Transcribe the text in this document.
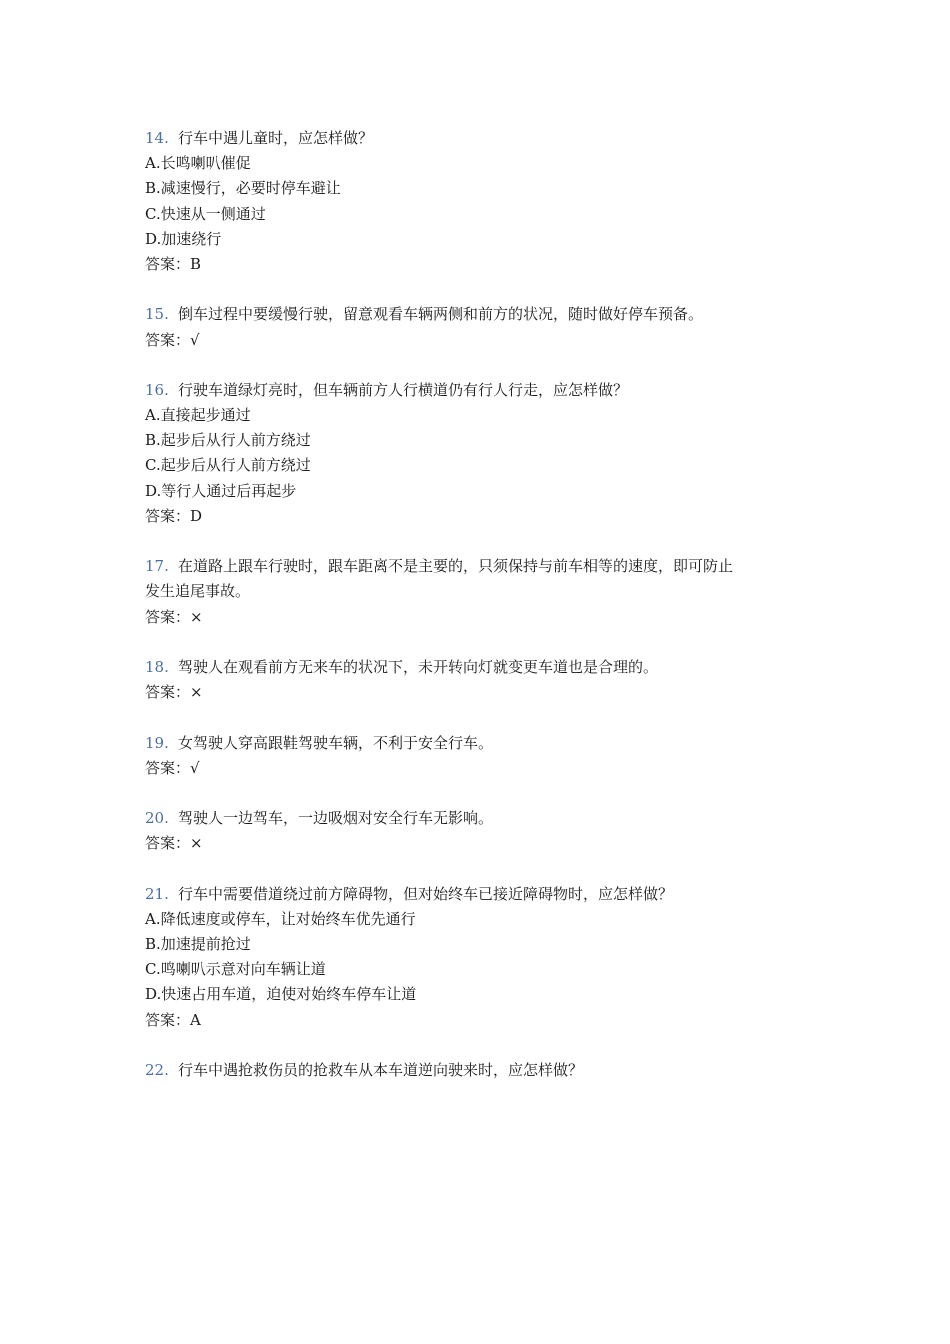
14. 行车中遇儿童时，应怎样做？
A.长鸣喇叭催促
B.减速慢行，必要时停车避让
C.快速从一侧通过
D.加速绕行
答案：B
15. 倒车过程中要缓慢行驶，留意观看车辆两侧和前方的状况，随时做好停车预备。
答案：√
16. 行驶车道绿灯亮时，但车辆前方人行横道仍有行人行走，应怎样做？
A.直接起步通过
B.起步后从行人前方绕过
C.起步后从行人前方绕过
D.等行人通过后再起步
答案：D
17. 在道路上跟车行驶时，跟车距离不是主要的，只须保持与前车相等的速度，即可防止
发生追尾事故。
答案：×
18. 驾驶人在观看前方无来车的状况下，未开转向灯就变更车道也是合理的。
答案：×
19. 女驾驶人穿高跟鞋驾驶车辆，不利于安全行车。
答案：√
20. 驾驶人一边驾车，一边吸烟对安全行车无影响。
答案：×
21. 行车中需要借道绕过前方障碍物，但对始终车已接近障碍物时，应怎样做？
A.降低速度或停车，让对始终车优先通行
B.加速提前抢过
C.鸣喇叭示意对向车辆让道
D.快速占用车道，迫使对始终车停车让道
答案：A
22. 行车中遇抢救伤员的抢救车从本车道逆向驶来时，应怎样做？
